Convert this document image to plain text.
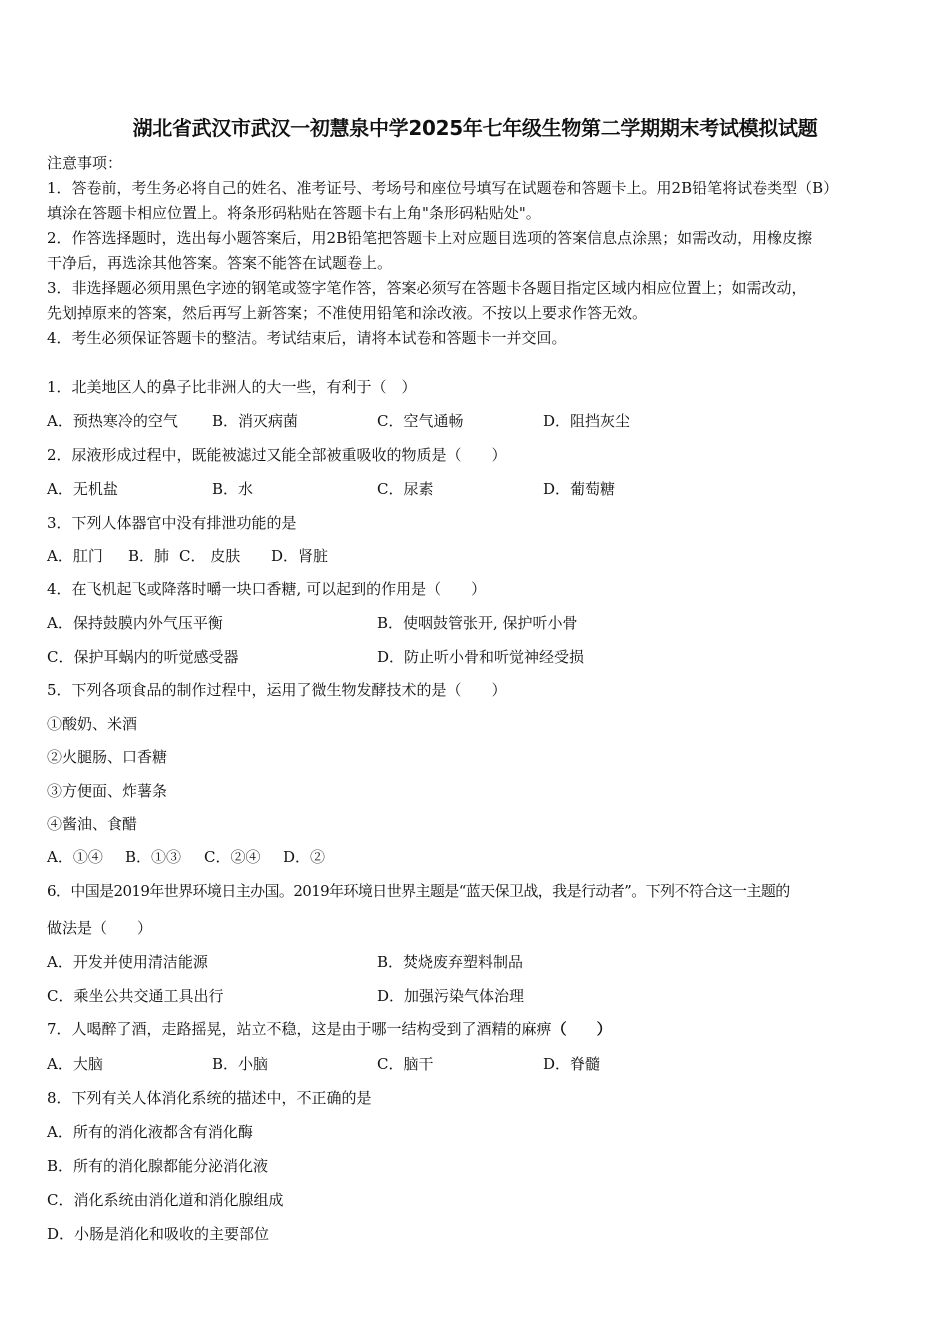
湖北省武汉市武汉一初慧泉中学2025年七年级生物第二学期期末考试模拟试题
注意事项：
1．答卷前，考生务必将自己的姓名、准考证号、考场号和座位号填写在试题卷和答题卡上。用2B铅笔将试卷类型（B）
填涂在答题卡相应位置上。将条形码粘贴在答题卡右上角"条形码粘贴处"。
2．作答选择题时，选出每小题答案后，用2B铅笔把答题卡上对应题目选项的答案信息点涂黑；如需改动，用橡皮擦
干净后，再选涂其他答案。答案不能答在试题卷上。
3．非选择题必须用黑色字迹的钢笔或签字笔作答，答案必须写在答题卡各题目指定区域内相应位置上；如需改动，
先划掉原来的答案，然后再写上新答案；不准使用铅笔和涂改液。不按以上要求作答无效。
4．考生必须保证答题卡的整洁。考试结束后，请将本试卷和答题卡一并交回。
1．北美地区人的鼻子比非洲人的大一些，有利于（　）
A．预热寒冷的空气 B．消灭病菌	C．空气通畅	D．阻挡灰尘
2．尿液形成过程中，既能被滤过又能全部被重吸收的物质是（　　）
A．无机盐	B．水	C．尿素	D．葡萄糖
3．下列人体器官中没有排泄功能的是
A．肛门 B．肺 C． 皮肤 D．肾脏
4．在飞机起飞或降落时嚼一块口香糖, 可以起到的作用是（　　）
A．保持鼓膜内外气压平衡	B．使咽鼓管张开, 保护听小骨
C．保护耳蜗内的听觉感受器	D．防止听小骨和听觉神经受损
5．下列各项食品的制作过程中，运用了微生物发酵技术的是（　　）
①酸奶、米酒
②火腿肠、口香糖
③方便面、炸薯条
④酱油、食醋
A．①④ B．①③ C．②④ D．②
6．中国是2019年世界环境日主办国。2019年环境日世界主题是“蓝天保卫战，我是行动者”。下列不符合这一主题的
做法是（　　）
A．开发并使用清洁能源	B．焚烧废弃塑料制品
C．乘坐公共交通工具出行	D．加强污染气体治理
7．人喝醉了酒，走路摇晃，站立不稳，这是由于哪一结构受到了酒精的麻痹（　　）
A．大脑	B．小脑	C．脑干	D．脊髓
8．下列有关人体消化系统的描述中，不正确的是
A．所有的消化液都含有消化酶
B．所有的消化腺都能分泌消化液
C．消化系统由消化道和消化腺组成
D．小肠是消化和吸收的主要部位
